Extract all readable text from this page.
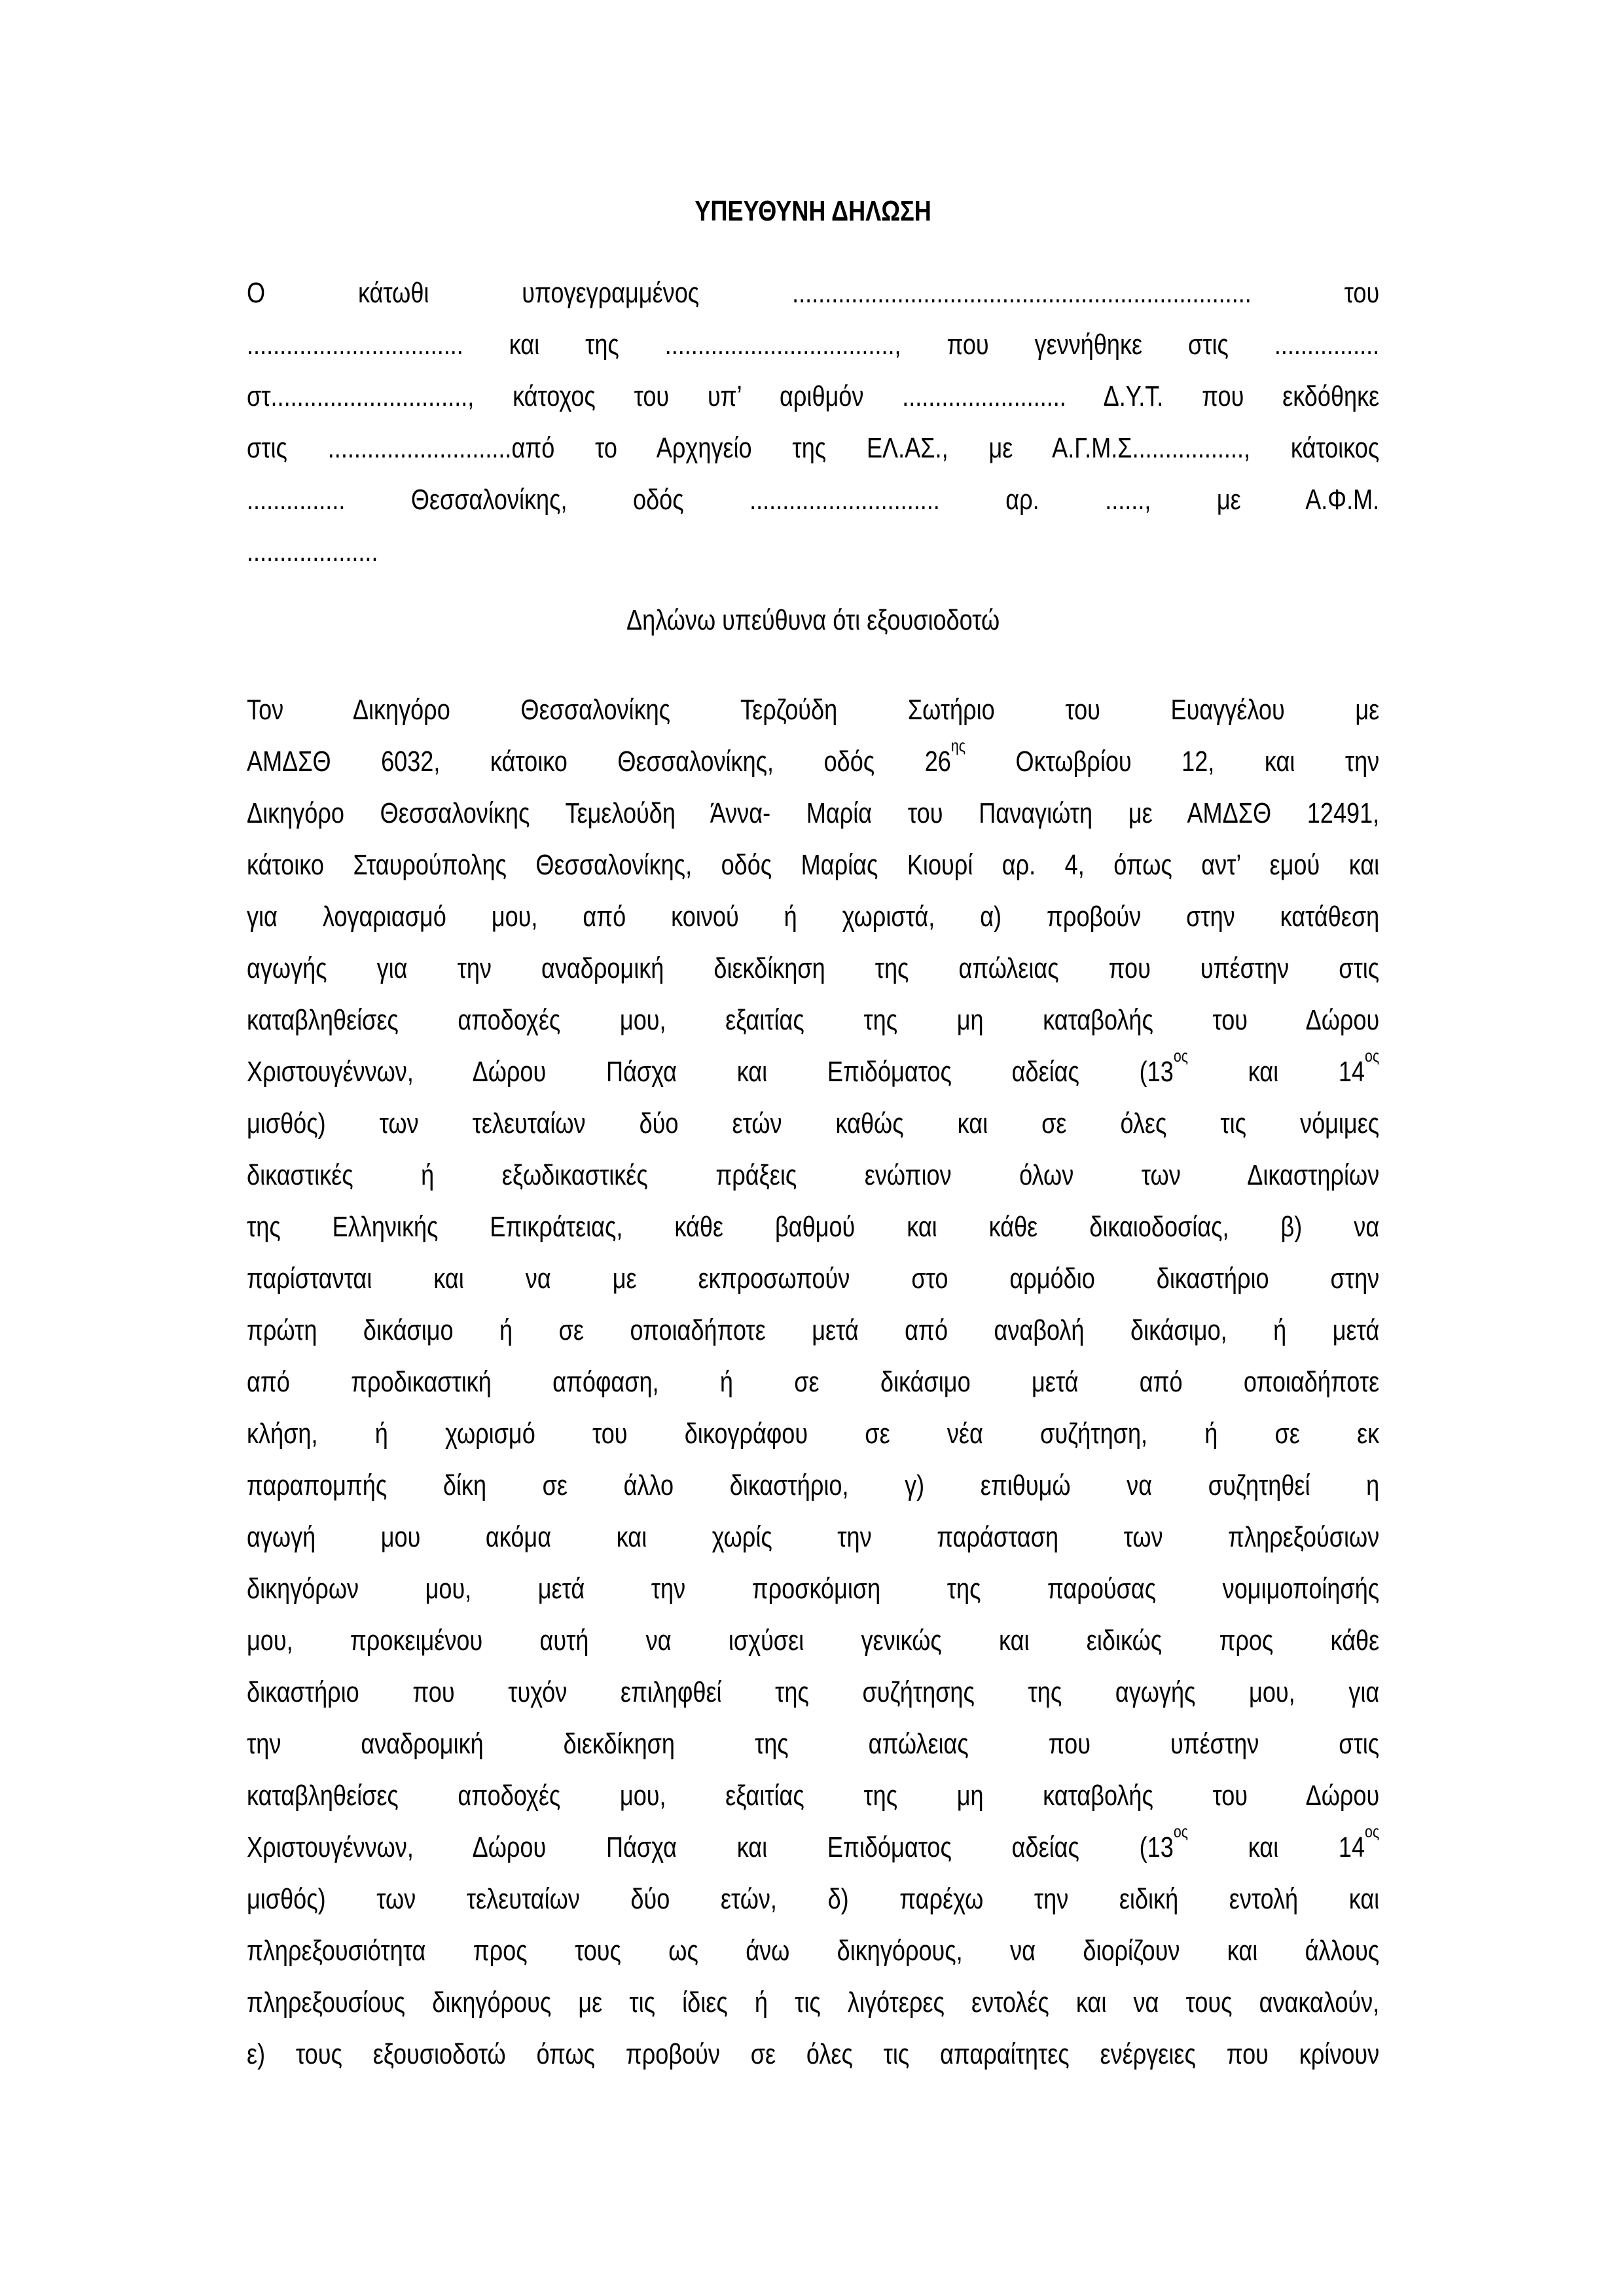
ΥΠΕΥΘΥΝΗ ΔΗΛΩΣΗ
Ο κάτωθι υπογεγραμμένος ...................................................................... του
................................. και της ..................................., που γεννήθηκε στις ................
στ.............................., κάτοχος του υπ’ αριθμόν ......................... Δ.Υ.Τ. που εκδόθηκε
στις ............................από το Αρχηγείο της ΕΛ.ΑΣ., με Α.Γ.Μ.Σ................., κάτοικος
............... Θεσσαλονίκης, οδός ............................. αρ. ......, με Α.Φ.Μ.
....................
Δηλώνω υπεύθυνα ότι εξουσιοδοτώ
Τον Δικηγόρο Θεσσαλονίκης Τερζούδη Σωτήριο του Ευαγγέλου με
ΑΜΔΣΘ 6032, κάτοικο Θεσσαλονίκης, οδός $26^{\eta\varsigma}$ Οκτωβρίου 12, και την
Δικηγόρο Θεσσαλονίκης Τεμελούδη Άννα- Μαρία του Παναγιώτη με ΑΜΔΣΘ 12491,
κάτοικο Σταυρούπολης Θεσσαλονίκης, οδός Μαρίας Κιουρί αρ. 4, όπως αντ’ εμού και
για λογαριασμό μου, από κοινού ή χωριστά, α) προβούν στην κατάθεση
αγωγής για την αναδρομική διεκδίκηση της απώλειας που υπέστην στις
καταβληθείσες αποδοχές μου, εξαιτίας της μη καταβολής του Δώρου
Χριστουγέννων, Δώρου Πάσχα και Επιδόματος αδείας ($13^{o\varsigma}$ και $14^{o\varsigma}$
μισθός) των τελευταίων δύο ετών καθώς και σε όλες τις νόμιμες
δικαστικές ή εξωδικαστικές πράξεις ενώπιον όλων των Δικαστηρίων
της Ελληνικής Επικράτειας, κάθε βαθμού και κάθε δικαιοδοσίας, β) να
παρίστανται και να με εκπροσωπούν στο αρμόδιο δικαστήριο στην
πρώτη δικάσιμο ή σε οποιαδήποτε μετά από αναβολή δικάσιμο, ή μετά
από προδικαστική απόφαση, ή σε δικάσιμο μετά από οποιαδήποτε
κλήση, ή χωρισμό του δικογράφου σε νέα συζήτηση, ή σε εκ
παραπομπής δίκη σε άλλο δικαστήριο, γ) επιθυμώ να συζητηθεί η
αγωγή μου ακόμα και χωρίς την παράσταση των πληρεξούσιων
δικηγόρων μου, μετά την προσκόμιση της παρούσας νομιμοποίησής
μου, προκειμένου αυτή να ισχύσει γενικώς και ειδικώς προς κάθε
δικαστήριο που τυχόν επιληφθεί της συζήτησης της αγωγής μου, για
την αναδρομική διεκδίκηση της απώλειας που υπέστην στις
καταβληθείσες αποδοχές μου, εξαιτίας της μη καταβολής του Δώρου
Χριστουγέννων, Δώρου Πάσχα και Επιδόματος αδείας ($13^{o\varsigma}$ και $14^{o\varsigma}$
μισθός) των τελευταίων δύο ετών, δ) παρέχω την ειδική εντολή και
πληρεξουσιότητα προς τους ως άνω δικηγόρους, να διορίζουν και άλλους
πληρεξουσίους δικηγόρους με τις ίδιες ή τις λιγότερες εντολές και να τους ανακαλούν,
ε) τους εξουσιοδοτώ όπως προβούν σε όλες τις απαραίτητες ενέργειες που κρίνουν
